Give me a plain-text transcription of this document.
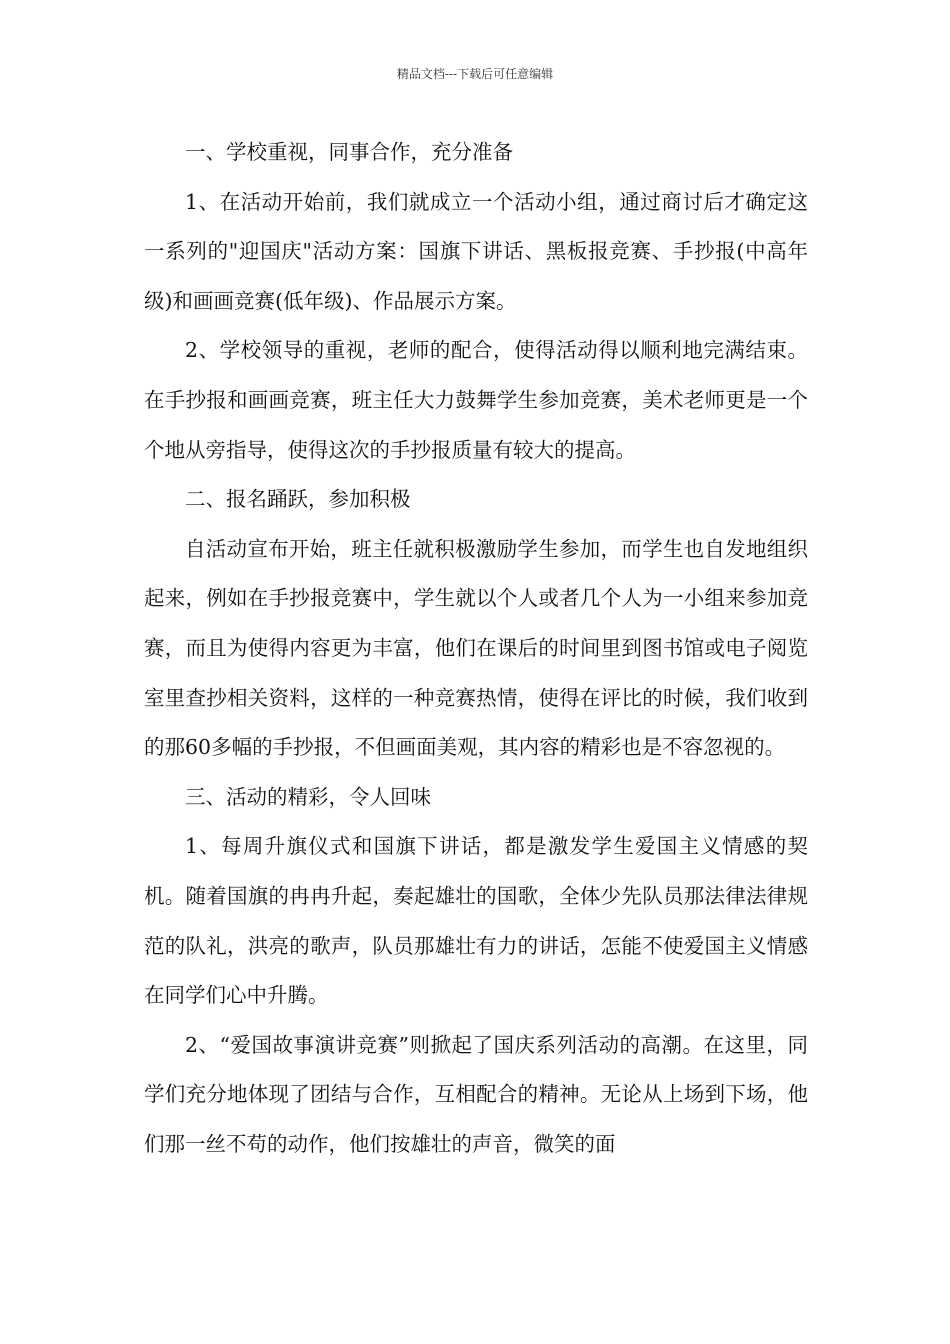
精品文档---下载后可任意编辑

一、学校重视，同事合作，充分准备

1、在活动开始前，我们就成立一个活动小组，通过商讨后才确定这一系列的"迎国庆"活动方案：国旗下讲话、黑板报竞赛、手抄报(中高年级)和画画竞赛(低年级)、作品展示方案。

2、学校领导的重视，老师的配合，使得活动得以顺利地完满结束。在手抄报和画画竞赛，班主任大力鼓舞学生参加竞赛，美术老师更是一个个地从旁指导，使得这次的手抄报质量有较大的提高。

二、报名踊跃，参加积极

自活动宣布开始，班主任就积极激励学生参加，而学生也自发地组织起来，例如在手抄报竞赛中，学生就以个人或者几个人为一小组来参加竞赛，而且为使得内容更为丰富，他们在课后的时间里到图书馆或电子阅览室里查抄相关资料，这样的一种竞赛热情，使得在评比的时候，我们收到的那60多幅的手抄报，不但画面美观，其内容的精彩也是不容忽视的。

三、活动的精彩，令人回味

1、每周升旗仪式和国旗下讲话，都是激发学生爱国主义情感的契机。随着国旗的冉冉升起，奏起雄壮的国歌，全体少先队员那法律法律规范的队礼，洪亮的歌声，队员那雄壮有力的讲话，怎能不使爱国主义情感在同学们心中升腾。

2、“爱国故事演讲竞赛”则掀起了国庆系列活动的高潮。在这里，同学们充分地体现了团结与合作，互相配合的精神。无论从上场到下场，他们那一丝不苟的动作，他们按雄壮的声音，微笑的面
